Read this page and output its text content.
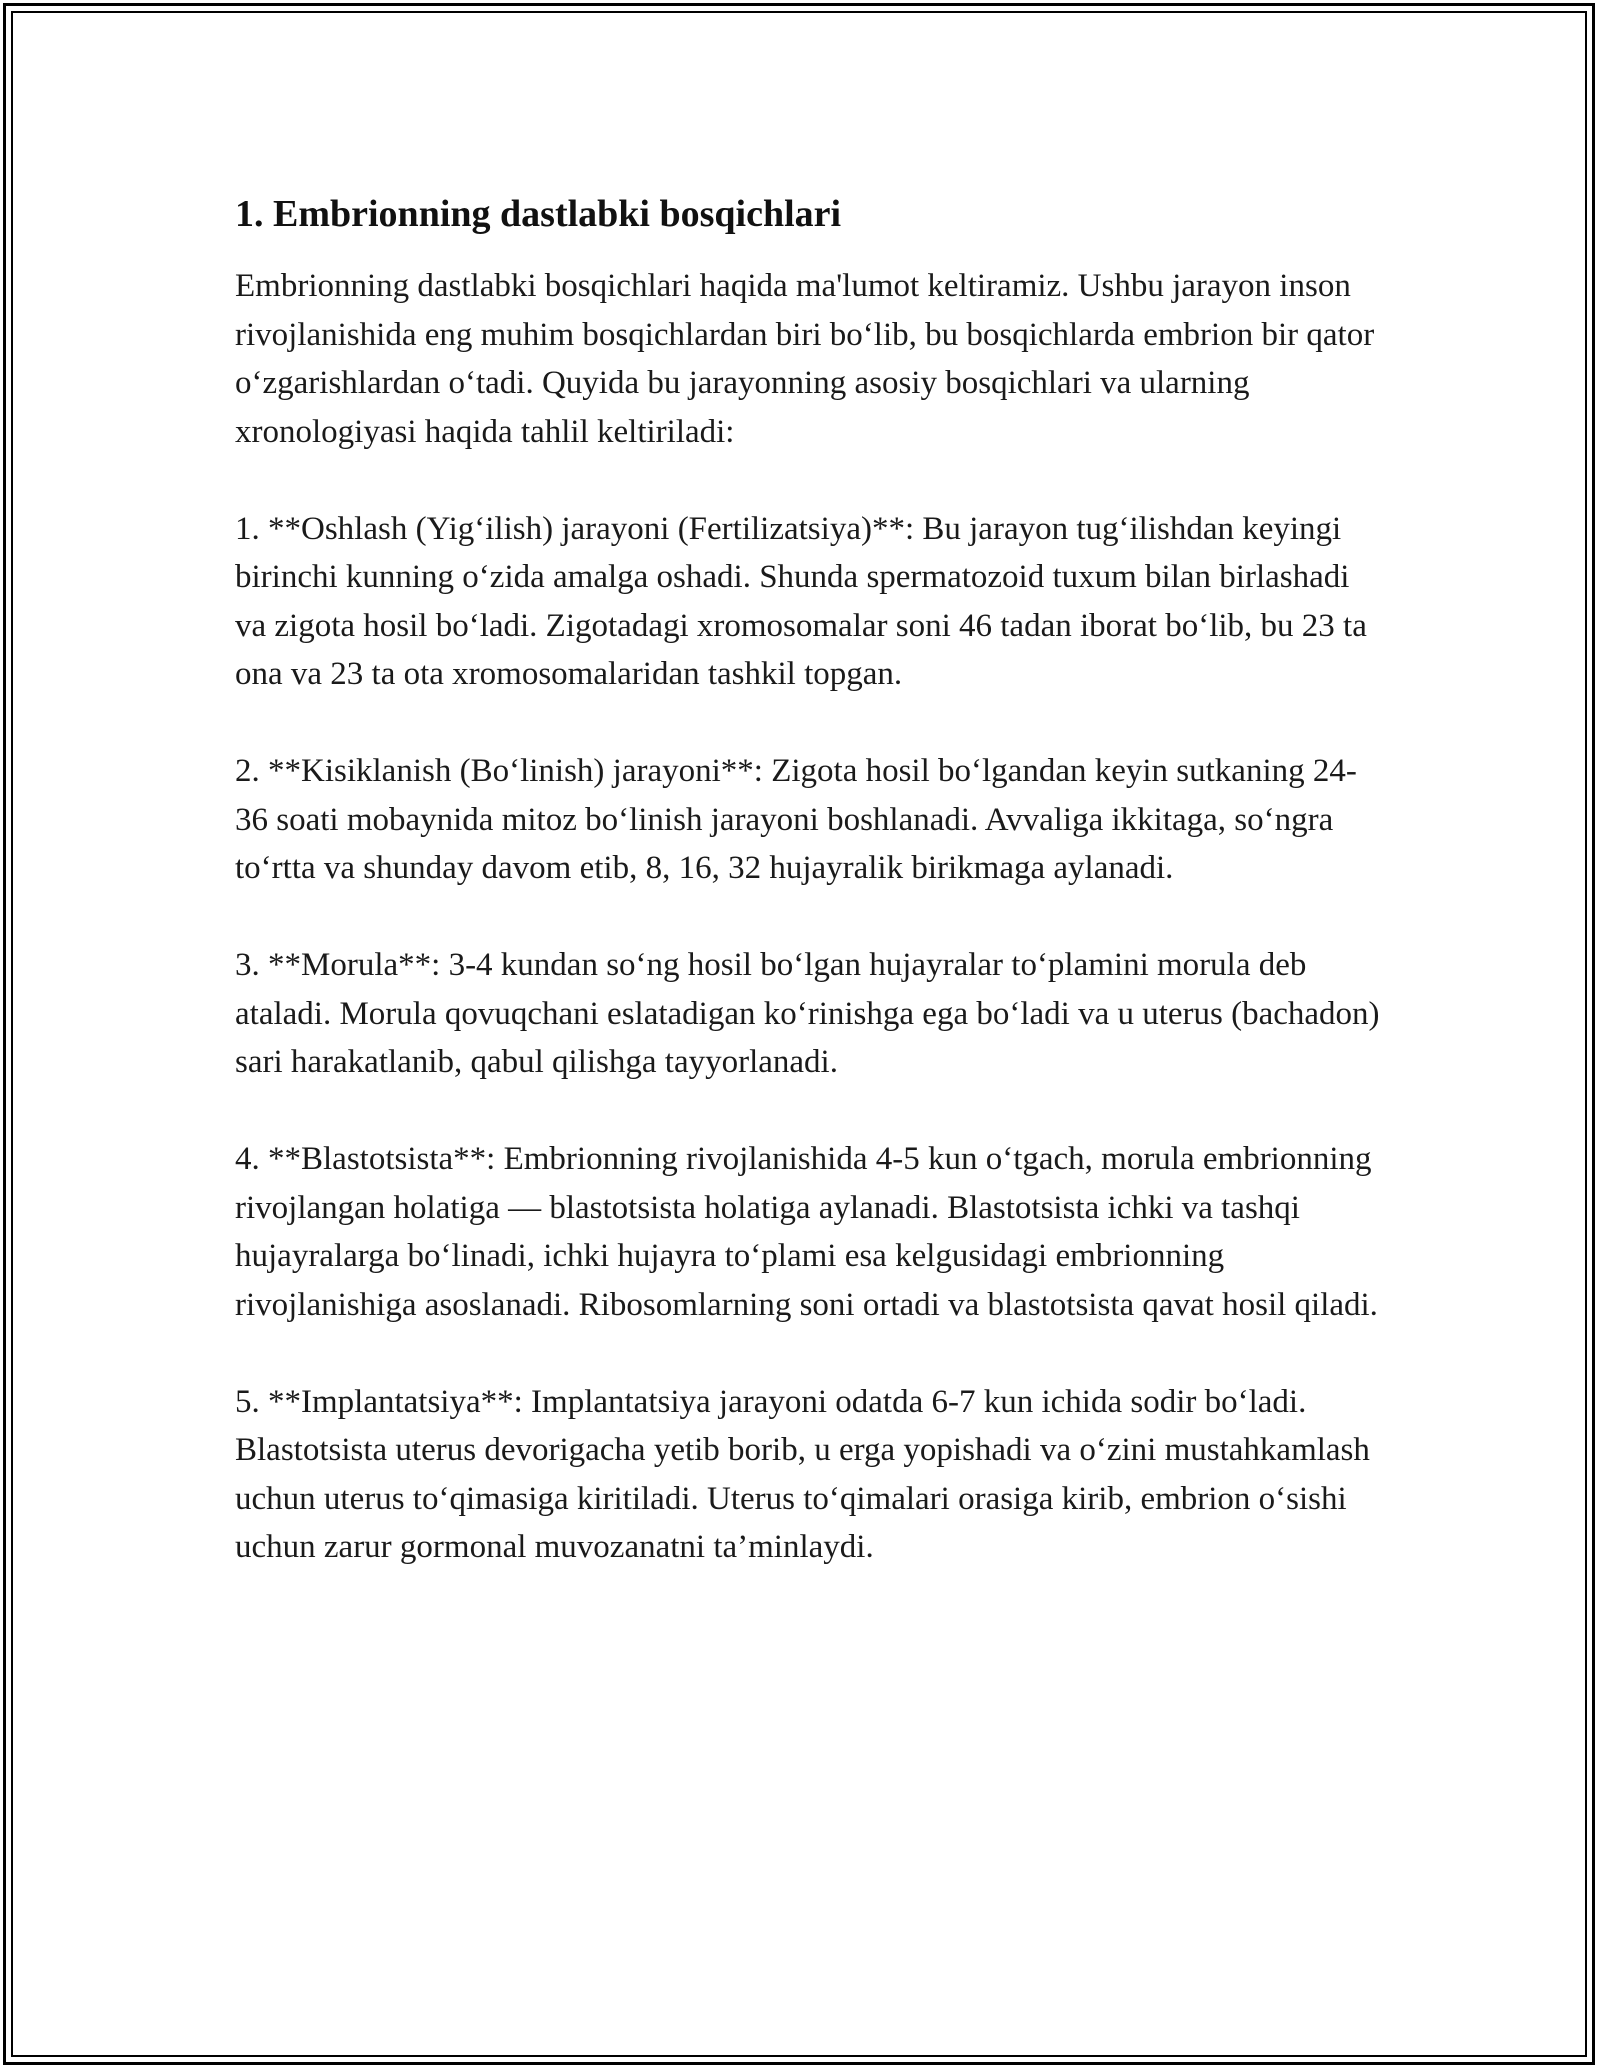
1. Embrionning dastlabki bosqichlari

Embrionning dastlabki bosqichlari haqida ma'lumot keltiramiz. Ushbu jarayon inson rivojlanishida eng muhim bosqichlardan biri bo‘lib, bu bosqichlarda embrion bir qator o‘zgarishlardan o‘tadi. Quyida bu jarayonning asosiy bosqichlari va ularning xronologiyasi haqida tahlil keltiriladi:

1. **Oshlash (Yig‘ilish) jarayoni (Fertilizatsiya)**: Bu jarayon tug‘ilishdan keyingi birinchi kunning o‘zida amalga oshadi. Shunda spermatozoid tuxum bilan birlashadi va zigota hosil bo‘ladi. Zigotadagi xromosomalar soni 46 tadan iborat bo‘lib, bu 23 ta ona va 23 ta ota xromosomalaridan tashkil topgan.

2. **Kisiklanish (Bo‘linish) jarayoni**: Zigota hosil bo‘lgandan keyin sutkaning 24-36 soati mobaynida mitoz bo‘linish jarayoni boshlanadi. Avvaliga ikkitaga, so‘ngra to‘rtta va shunday davom etib, 8, 16, 32 hujayralik birikmaga aylanadi.

3. **Morula**: 3-4 kundan so‘ng hosil bo‘lgan hujayralar to‘plamini morula deb ataladi. Morula qovuqchani eslatadigan ko‘rinishga ega bo‘ladi va u uterus (bachadon) sari harakatlanib, qabul qilishga tayyorlanadi.

4. **Blastotsista**: Embrionning rivojlanishida 4-5 kun o‘tgach, morula embrionning rivojlangan holatiga — blastotsista holatiga aylanadi. Blastotsista ichki va tashqi hujayralarga bo‘linadi, ichki hujayra to‘plami esa kelgusidagi embrionning rivojlanishiga asoslanadi. Ribosomlarning soni ortadi va blastotsista qavat hosil qiladi.

5. **Implantatsiya**: Implantatsiya jarayoni odatda 6-7 kun ichida sodir bo‘ladi. Blastotsista uterus devorigacha yetib borib, u erga yopishadi va o‘zini mustahkamlash uchun uterus to‘qimasiga kiritiladi. Uterus to‘qimalari orasiga kirib, embrion o‘sishi uchun zarur gormonal muvozanatni ta’minlaydi.
